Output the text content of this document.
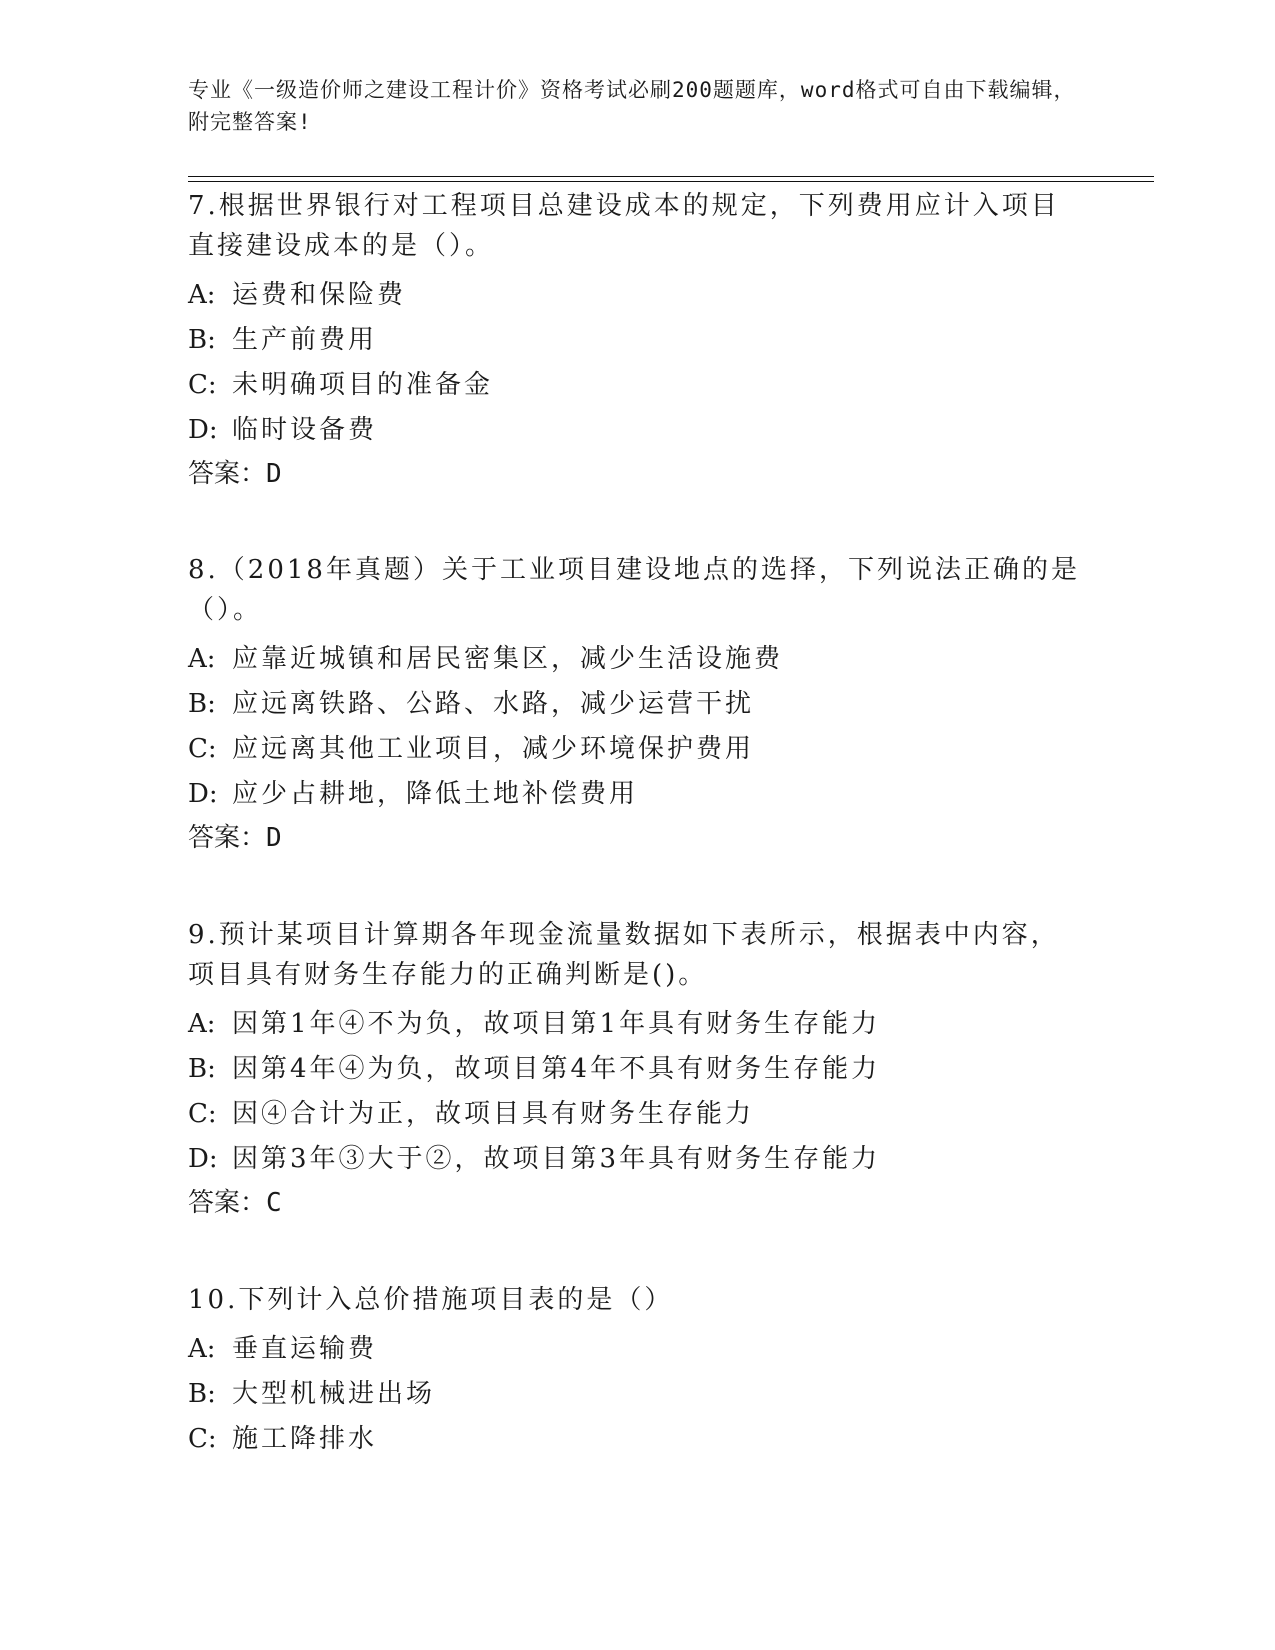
专业《一级造价师之建设工程计价》资格考试必刷200题题库，word格式可自由下载编辑，附完整答案!

7.根据世界银行对工程项目总建设成本的规定，下列费用应计入项目直接建设成本的是（）。

A: 运费和保险费
B: 生产前费用
C: 未明确项目的准备金
D: 临时设备费
答案：D

8.（2018年真题）关于工业项目建设地点的选择，下列说法正确的是（）。

A: 应靠近城镇和居民密集区，减少生活设施费
B: 应远离铁路、公路、水路，减少运营干扰
C: 应远离其他工业项目，减少环境保护费用
D: 应少占耕地，降低土地补偿费用
答案：D

9.预计某项目计算期各年现金流量数据如下表所示，根据表中内容，项目具有财务生存能力的正确判断是()。

A: 因第1年④不为负，故项目第1年具有财务生存能力
B: 因第4年④为负，故项目第4年不具有财务生存能力
C: 因④合计为正，故项目具有财务生存能力
D: 因第3年③大于②，故项目第3年具有财务生存能力
答案：C

10.下列计入总价措施项目表的是（）

A: 垂直运输费
B: 大型机械进出场
C: 施工降排水
